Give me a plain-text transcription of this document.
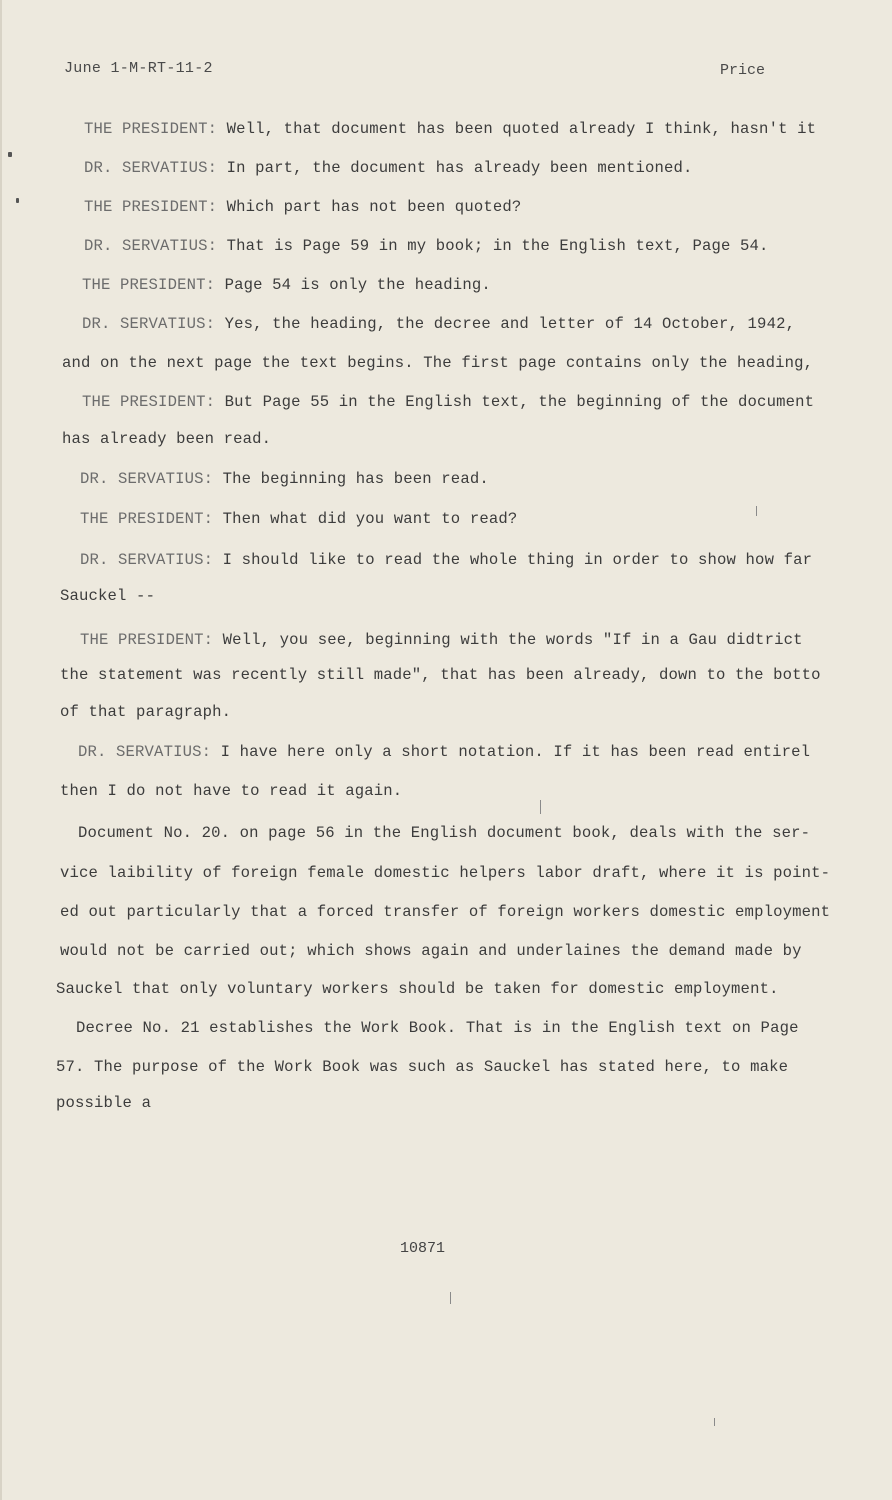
June 1-M-RT-11-2	Price
THE PRESIDENT: Well, that document has been quoted already I think, hasn't it
DR. SERVATIUS: In part, the document has already been mentioned.
THE PRESIDENT: Which part has not been quoted?
DR. SERVATIUS: That is Page 59 in my book; in the English text, Page 54.
THE PRESIDENT: Page 54 is only the heading.
DR. SERVATIUS: Yes, the heading, the decree and letter of 14 October, 1942,
and on the next page the text begins. The first page contains only the heading,
THE PRESIDENT: But Page 55 in the English text, the beginning of the document
has already been read.
DR. SERVATIUS: The beginning has been read.
THE PRESIDENT: Then what did you want to read?
DR. SERVATIUS: I should like to read the whole thing in order to show how far
Sauckel --
THE PRESIDENT: Well, you see, beginning with the words "If in a Gau didtrict
the statement was recently still made", that has been already, down to the botto
of that paragraph.
DR. SERVATIUS: I have here only a short notation. If it has been read entirel
then I do not have to read it again.
Document No. 20. on page 56 in the English document book, deals with the ser-
vice laibility of foreign female domestic helpers labor draft, where it is point-
ed out particularly that a forced transfer of foreign workers domestic employment
would not be carried out; which shows again and underlaines the demand made by
Sauckel that only voluntary workers should be taken for domestic employment.
Decree No. 21 establishes the Work Book. That is in the English text on Page
57. The purpose of the Work Book was such as Sauckel has stated here, to make
possible a
10871
